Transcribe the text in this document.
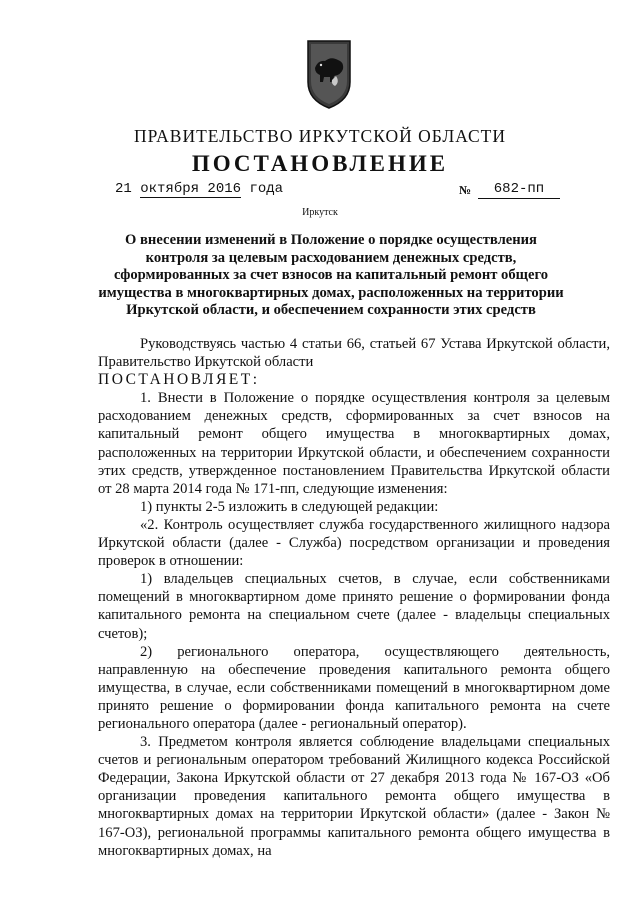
ПРАВИТЕЛЬСТВО ИРКУТСКОЙ ОБЛАСТИ
ПОСТАНОВЛЕНИЕ
21 октября 2016 года	№	682-пп
Иркутск
О внесении изменений в Положение о порядке осуществления контроля за целевым расходованием денежных средств, сформированных за счет взносов на капитальный ремонт общего имущества в многоквартирных домах, расположенных на территории Иркутской области, и обеспечением сохранности этих средств

Руководствуясь частью 4 статьи 66, статьей 67 Устава Иркутской области, Правительство Иркутской области

ПОСТАНОВЛЯЕТ:

1. Внести в Положение о порядке осуществления контроля за целевым расходованием денежных средств, сформированных за счет взносов на капитальный ремонт общего имущества в многоквартирных домах, расположенных на территории Иркутской области, и обеспечением сохранности этих средств, утвержденное постановлением Правительства Иркутской области от 28 марта 2014 года № 171-пп, следующие изменения:

1) пункты 2-5 изложить в следующей редакции:

«2. Контроль осуществляет служба государственного жилищного надзора Иркутской области (далее - Служба) посредством организации и проведения проверок в отношении:

1) владельцев специальных счетов, в случае, если собственниками помещений в многоквартирном доме принято решение о формировании фонда капитального ремонта на специальном счете (далее - владельцы специальных счетов);

2) регионального оператора, осуществляющего деятельность, направленную на обеспечение проведения капитального ремонта общего имущества, в случае, если собственниками помещений в многоквартирном доме принято решение о формировании фонда капитального ремонта на счете регионального оператора (далее - региональный оператор).

3. Предметом контроля является соблюдение владельцами специальных счетов и региональным оператором требований Жилищного кодекса Российской Федерации, Закона Иркутской области от 27 декабря 2013 года № 167-ОЗ «Об организации проведения капитального ремонта общего имущества в многоквартирных домах на территории Иркутской области» (далее - Закон № 167-ОЗ), региональной программы капитального ремонта общего имущества в многоквартирных домах, на
